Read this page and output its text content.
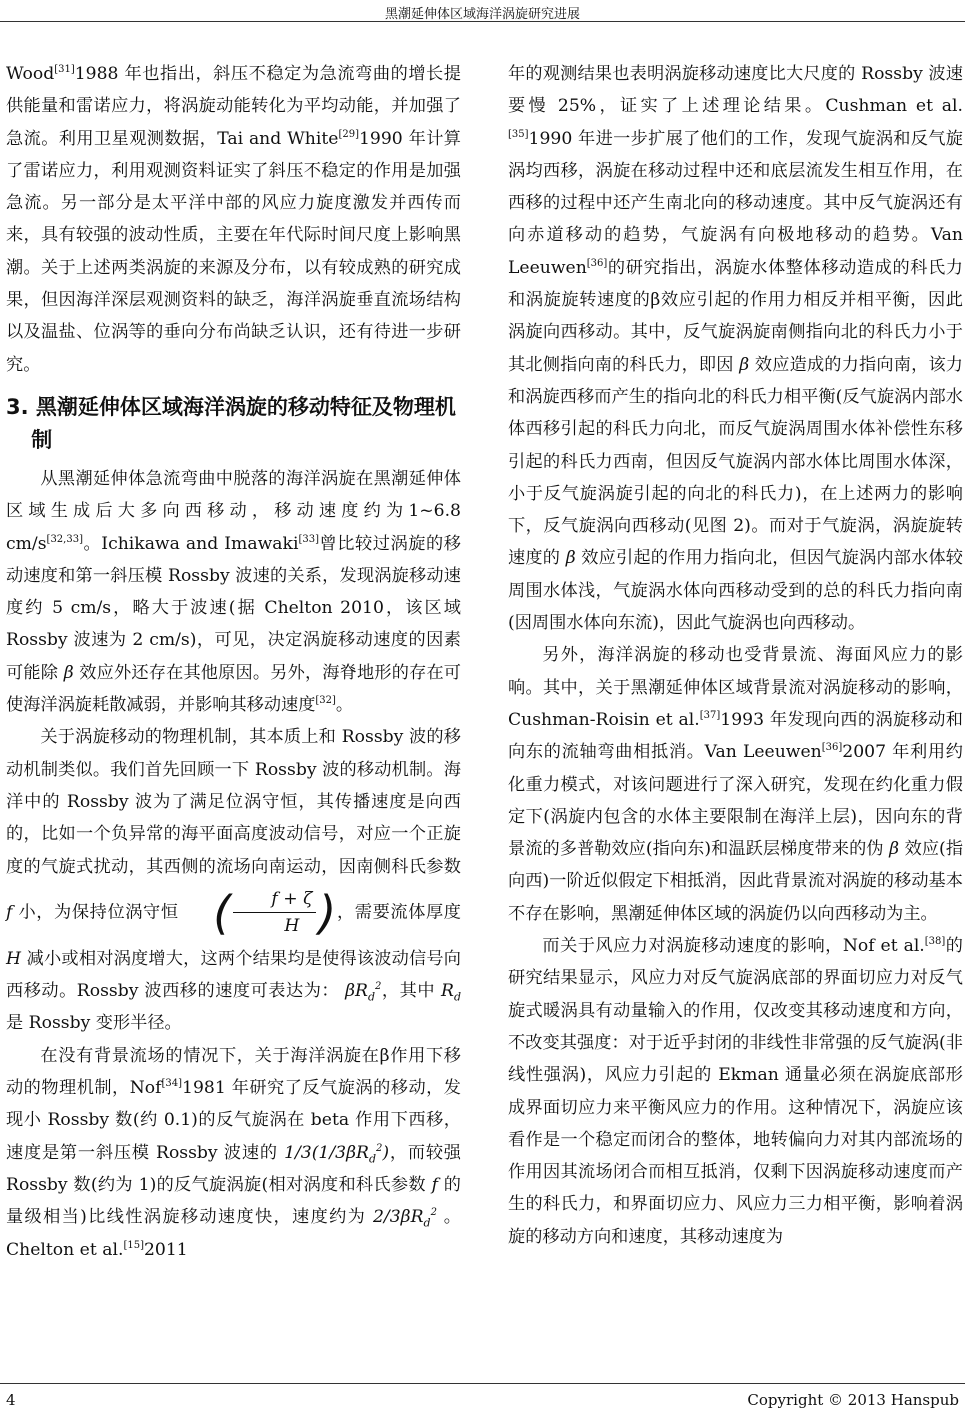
黑潮延伸体区域海洋涡旋研究进展

Wood[31]1988 年也指出，斜压不稳定为急流弯曲的增长提供能量和雷诺应力，将涡旋动能转化为平均动能，并加强了急流。利用卫星观测数据，Tai and White[29]1990 年计算了雷诺应力，利用观测资料证实了斜压不稳定的作用是加强急流。另一部分是太平洋中部的风应力旋度激发并西传而来，具有较强的波动性质，主要在年代际时间尺度上影响黑潮。关于上述两类涡旋的来源及分布，以有较成熟的研究成果，但因海洋深层观测资料的缺乏，海洋涡旋垂直流场结构以及温盐、位涡等的垂向分布尚缺乏认识，还有待进一步研究。

3. 黑潮延伸体区域海洋涡旋的移动特征及物理机制

从黑潮延伸体急流弯曲中脱落的海洋涡旋在黑潮延伸体区域生成后大多向西移动，移动速度约为1~6.8 cm/s[32,33]。Ichikawa and Imawaki[33]曾比较过涡旋的移动速度和第一斜压模 Rossby 波速的关系，发现涡旋移动速度约 5 cm/s，略大于波速(据 Chelton 2010，该区域 Rossby 波速为 2 cm/s)，可见，决定涡旋移动速度的因素可能除 β 效应外还存在其他原因。另外，海脊地形的存在可使海洋涡旋耗散减弱，并影响其移动速度[32]。

关于涡旋移动的物理机制，其本质上和 Rossby 波的移动机制类似。我们首先回顾一下 Rossby 波的移动机制。海洋中的 Rossby 波为了满足位涡守恒，其传播速度是向西的，比如一个负异常的海平面高度波动信号，对应一个正旋度的气旋式扰动，其西侧的流场向南运动，因南侧科氏参数 f 小，为保持位涡守恒 ( $\frac{f + \zeta}{H}$ )，需要流体厚度 H 减小或相对涡度增大，这两个结果均是使得该波动信号向西移动。Rossby 波西移的速度可表达为： $\beta R_d^2$，其中 $R_d$ 是 Rossby 变形半径。

在没有背景流场的情况下，关于海洋涡旋在β作用下移动的物理机制，Nof[34]1981 年研究了反气旋涡的移动，发现小 Rossby 数(约 0.1)的反气旋涡在 beta 作用下西移，速度是第一斜压模 Rossby 波速的 $1/3(1/3\beta R_d^2)$，而较强 Rossby 数(约为 1)的反气旋涡旋(相对涡度和科氏参数 f 的量级相当)比线性涡旋移动速度快，速度约为 $2/3\beta R_d^2$ 。Chelton et al.[15]2011

年的观测结果也表明涡旋移动速度比大尺度的 Rossby 波速要慢 25%，证实了上述理论结果。Cushman et al.[35]1990 年进一步扩展了他们的工作，发现气旋涡和反气旋涡均西移，涡旋在移动过程中还和底层流发生相互作用，在西移的过程中还产生南北向的移动速度。其中反气旋涡还有向赤道移动的趋势，气旋涡有向极地移动的趋势。Van Leeuwen[36]的研究指出，涡旋水体整体移动造成的科氏力和涡旋旋转速度的β效应引起的作用力相反并相平衡，因此涡旋向西移动。其中，反气旋涡旋南侧指向北的科氏力小于其北侧指向南的科氏力，即因 β 效应造成的力指向南，该力和涡旋西移而产生的指向北的科氏力相平衡(反气旋涡内部水体西移引起的科氏力向北，而反气旋涡周围水体补偿性东移引起的科氏力西南，但因反气旋涡内部水体比周围水体深，小于反气旋涡旋引起的向北的科氏力)，在上述两力的影响下，反气旋涡向西移动(见图 2)。而对于气旋涡，涡旋旋转速度的 β 效应引起的作用力指向北，但因气旋涡内部水体较周围水体浅，气旋涡水体向西移动受到的总的科氏力指向南(因周围水体向东流)，因此气旋涡也向西移动。

另外，海洋涡旋的移动也受背景流、海面风应力的影响。其中，关于黑潮延伸体区域背景流对涡旋移动的影响，Cushman-Roisin et al.[37]1993 年发现向西的涡旋移动和向东的流轴弯曲相抵消。Van Leeuwen[36]2007 年利用约化重力模式，对该问题进行了深入研究，发现在约化重力假定下(涡旋内包含的水体主要限制在海洋上层)，因向东的背景流的多普勒效应(指向东)和温跃层梯度带来的伪 β 效应(指向西)一阶近似假定下相抵消，因此背景流对涡旋的移动基本不存在影响，黑潮延伸体区域的涡旋仍以向西移动为主。

而关于风应力对涡旋移动速度的影响，Nof et al.[38]的研究结果显示，风应力对反气旋涡底部的界面切应力对反气旋式暖涡具有动量输入的作用，仅改变其移动速度和方向，不改变其强度：对于近乎封闭的非线性非常强的反气旋涡(非线性强涡)，风应力引起的 Ekman 通量必须在涡旋底部形成界面切应力来平衡风应力的作用。这种情况下，涡旋应该看作是一个稳定而闭合的整体，地转偏向力对其内部流场的作用因其流场闭合而相互抵消，仅剩下因涡旋移动速度而产生的科氏力，和界面切应力、风应力三力相平衡，影响着涡旋的移动方向和速度，其移动速度为

4	Copyright © 2013 Hanspub
